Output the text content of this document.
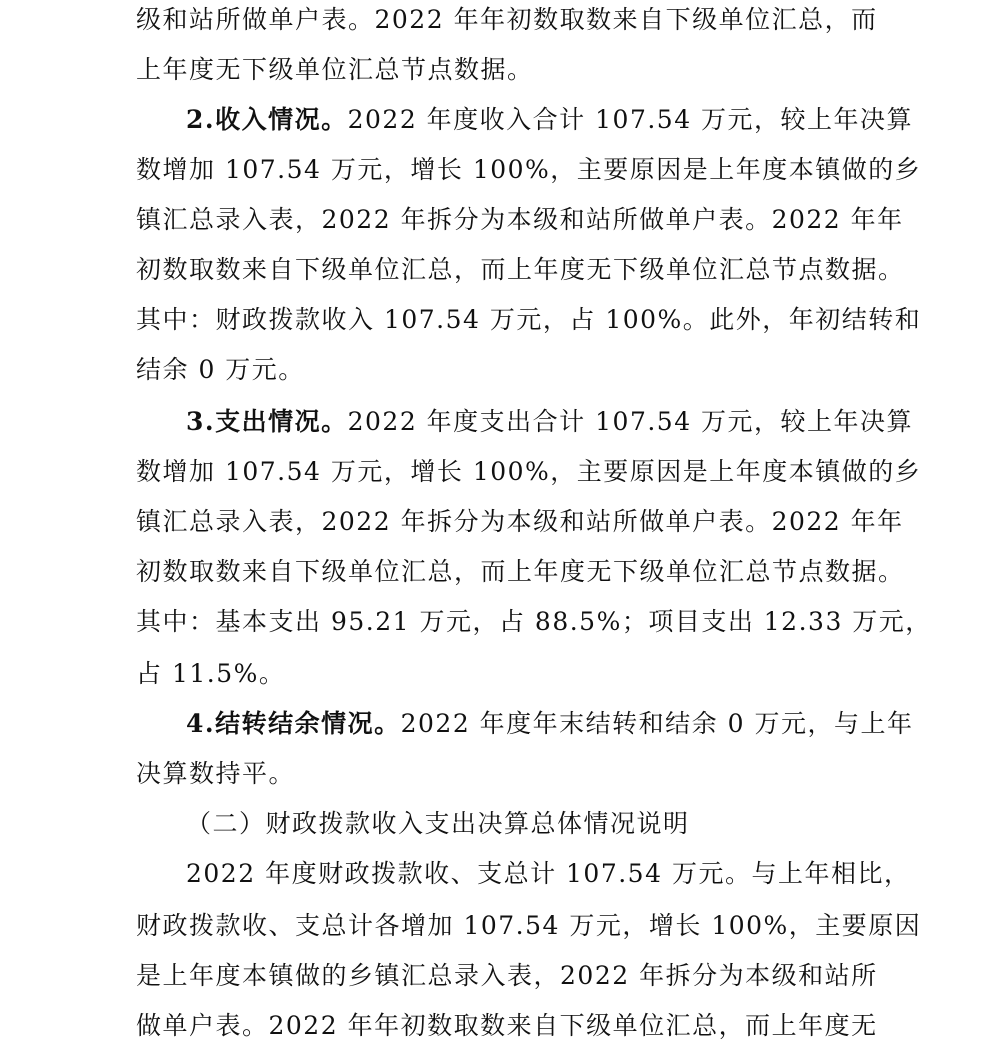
级和站所做单户表。2022 年年初数取数来自下级单位汇总，而
上年度无下级单位汇总节点数据。
2.收入情况。2022 年度收入合计 107.54 万元，较上年决算
数增加 107.54 万元，增长 100%，主要原因是上年度本镇做的乡
镇汇总录入表，2022 年拆分为本级和站所做单户表。2022 年年
初数取数来自下级单位汇总，而上年度无下级单位汇总节点数据。
其中：财政拨款收入 107.54 万元，占 100%。此外，年初结转和
结余 0 万元。
3.支出情况。2022 年度支出合计 107.54 万元，较上年决算
数增加 107.54 万元，增长 100%，主要原因是上年度本镇做的乡
镇汇总录入表，2022 年拆分为本级和站所做单户表。2022 年年
初数取数来自下级单位汇总，而上年度无下级单位汇总节点数据。
其中：基本支出 95.21 万元，占 88.5%；项目支出 12.33 万元，
占 11.5%。
4.结转结余情况。2022 年度年末结转和结余 0 万元，与上年
决算数持平。
（二）财政拨款收入支出决算总体情况说明
2022 年度财政拨款收、支总计 107.54 万元。与上年相比，
财政拨款收、支总计各增加 107.54 万元，增长 100%，主要原因
是上年度本镇做的乡镇汇总录入表，2022 年拆分为本级和站所
做单户表。2022 年年初数取数来自下级单位汇总，而上年度无
